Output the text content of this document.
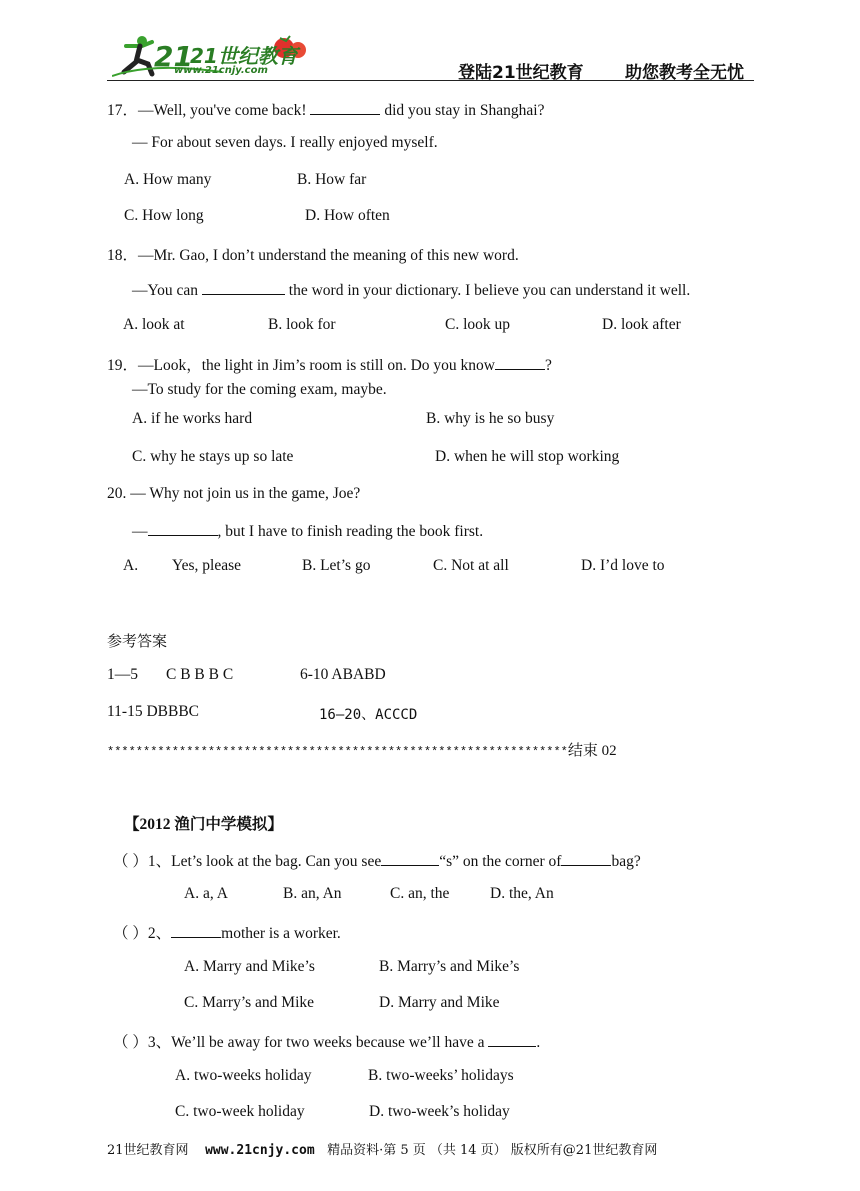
21
21世纪教育
www.21cnjy.com	登陆21世纪教育 助您教考全无忧
17．—Well, you've come back!	did you stay in Shanghai?
— For about seven days. I really enjoyed myself.
A. How many	B. How far
C. How long	D. How often
18．—Mr. Gao, I don’t understand the meaning of this new word.
—You can	the word in your dictionary. I believe you can understand it well.
A. look at	B. look for	C. look up	D. look after
19．—Look，the light in Jim’s room is still on. Do you know	?
—To study for the coming exam, maybe.
A. if he works hard	B. why is he so busy
C. why he stays up so late	D. when he will stop working
20. — Why not join us in the game, Joe?
—	, but I have to finish reading the book first.
A. Yes, please	B. Let’s go	C. Not at all	D. I’d love to
参考答案
1—5 C B B B C	6-10 ABABD
11-15 DBBBC	16—20、ACCCD
****************************************************************结束 02
【2012 渔门中学模拟】
（ ）1、Let’s look at the bag. Can you see	“s” on the corner of	bag?
A. a, A	B. an, An	C. an, the	D. the, An
（ ）2、	mother is a worker.
A. Marry and Mike’s	B. Marry’s and Mike’s
C. Marry’s and Mike	D. Marry and Mike
（ ）3、We’ll be away for two weeks because we’ll have a	.
A. two-weeks holiday	B. two-weeks’ holidays
C. two-week holiday	D. two-week’s holiday
21世纪教育网 www.21cnjy.com 精品资料·第 5 页 （共 14 页） 版权所有@21世纪教育网
